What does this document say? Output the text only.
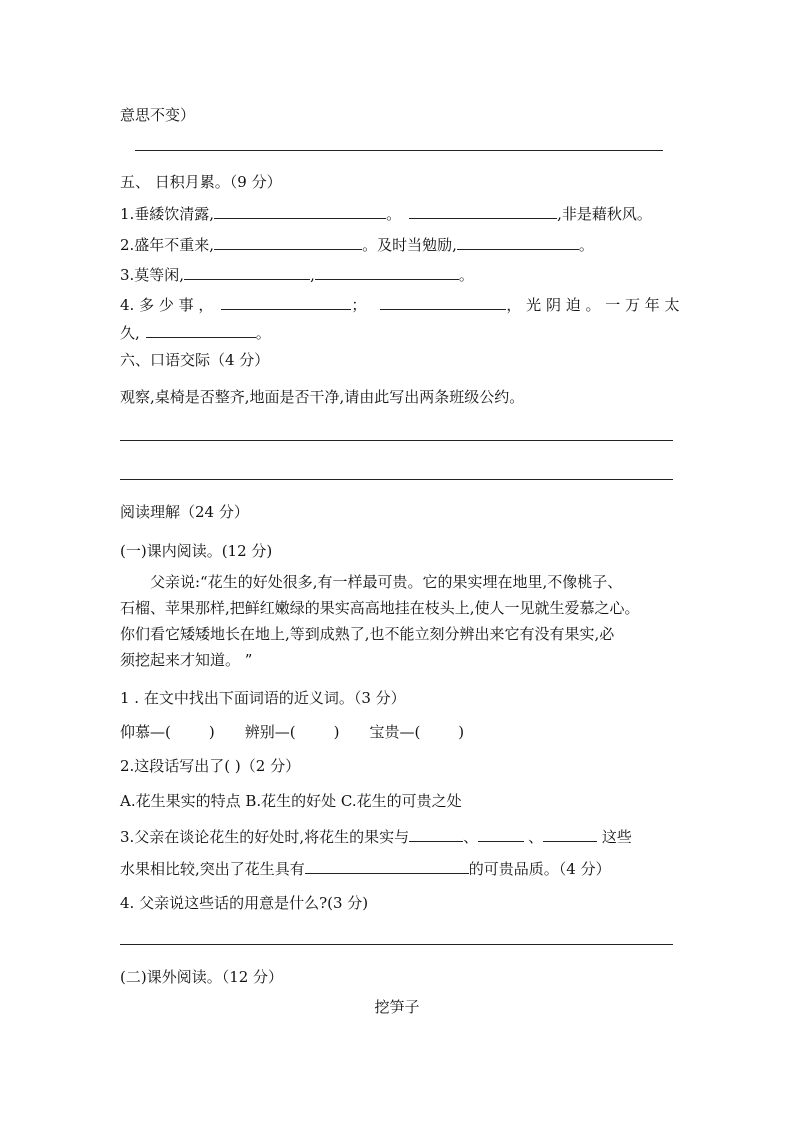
意思不变）
五、 日积月累。（9 分）
1.垂緌饮清露,	。	,非是藉秋风。
2.盛年不重来,	。及时当勉励,	。
3.莫等闲,	,	。
4. 多 少 事 ，	；	， 光 阴 迫 。 一 万 年 太
久,	。
六、口语交际（4 分）
观察,桌椅是否整齐,地面是否干净,请由此写出两条班级公约。
阅读理解（24 分）
(一)课内阅读。(12 分)
父亲说:“花生的好处很多,有一样最可贵。它的果实埋在地里,不像桃子、
石榴、苹果那样,把鲜红嫩绿的果实高高地挂在枝头上,使人一见就生爱慕之心。
你们看它矮矮地长在地上,等到成熟了,也不能立刻分辨出来它有没有果实,必
须挖起来才知道。 ”
1 . 在文中找出下面词语的近义词。（3 分）
仰慕—(	) 辨别—(	) 宝贵—(	)
2.这段话写出了( )（2 分）
A.花生果实的特点 B.花生的好处 C.花生的可贵之处
3.父亲在谈论花生的好处时,将花生的果实与	、	、	这些
水果相比较,突出了花生具有	的可贵品质。（4 分）
4. 父亲说这些话的用意是什么?(3 分)
(二)课外阅读。（12 分）
挖笋子
